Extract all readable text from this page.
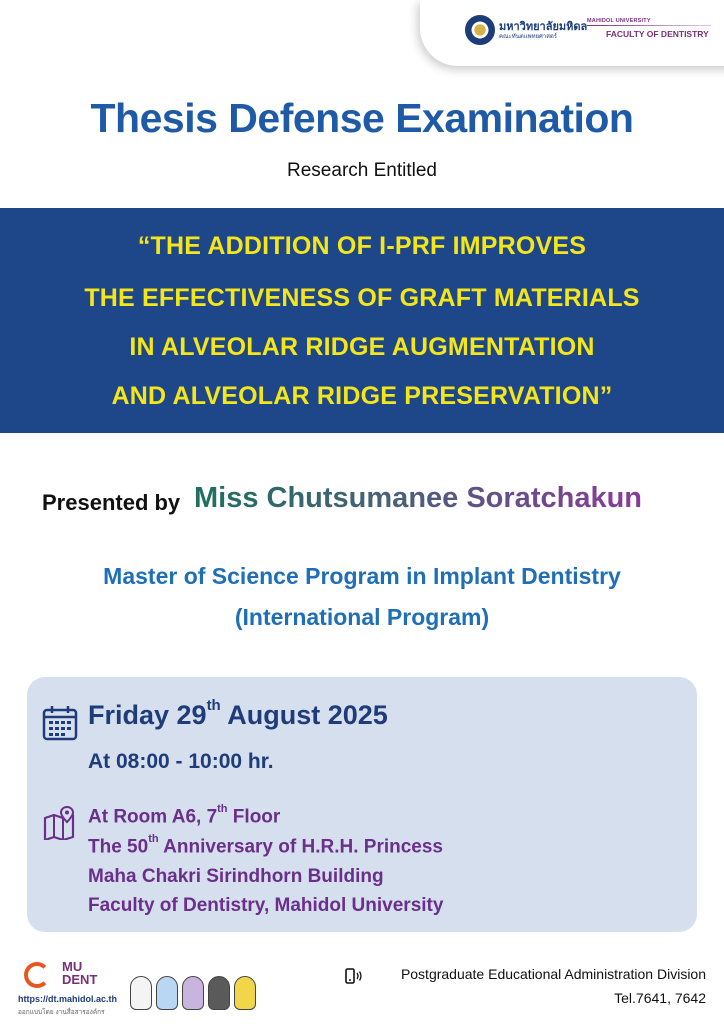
มหาวิทยาลัยมหิดล
คณะทันตแพทยศาสตร์
MAHIDOL UNIVERSITY
FACULTY OF DENTISTRY
Thesis Defense Examination
Research Entitled
“THE ADDITION OF I-PRF IMPROVES
THE EFFECTIVENESS OF GRAFT MATERIALS
IN ALVEOLAR RIDGE AUGMENTATION
AND ALVEOLAR RIDGE PRESERVATION”
Presented by Miss Chutsumanee Soratchakun
Master of Science Program in Implant Dentistry
(International Program)
Friday 29th August 2025
At 08:00 - 10:00 hr.
At Room A6, 7th Floor
The 50th Anniversary of H.R.H. Princess
Maha Chakri Sirindhorn Building
Faculty of Dentistry, Mahidol University
MU
DENT
https://dt.mahidol.ac.th
ออกแบบโดย งานสื่อสารองค์กร
Postgraduate Educational Administration Division
Tel.7641, 7642
